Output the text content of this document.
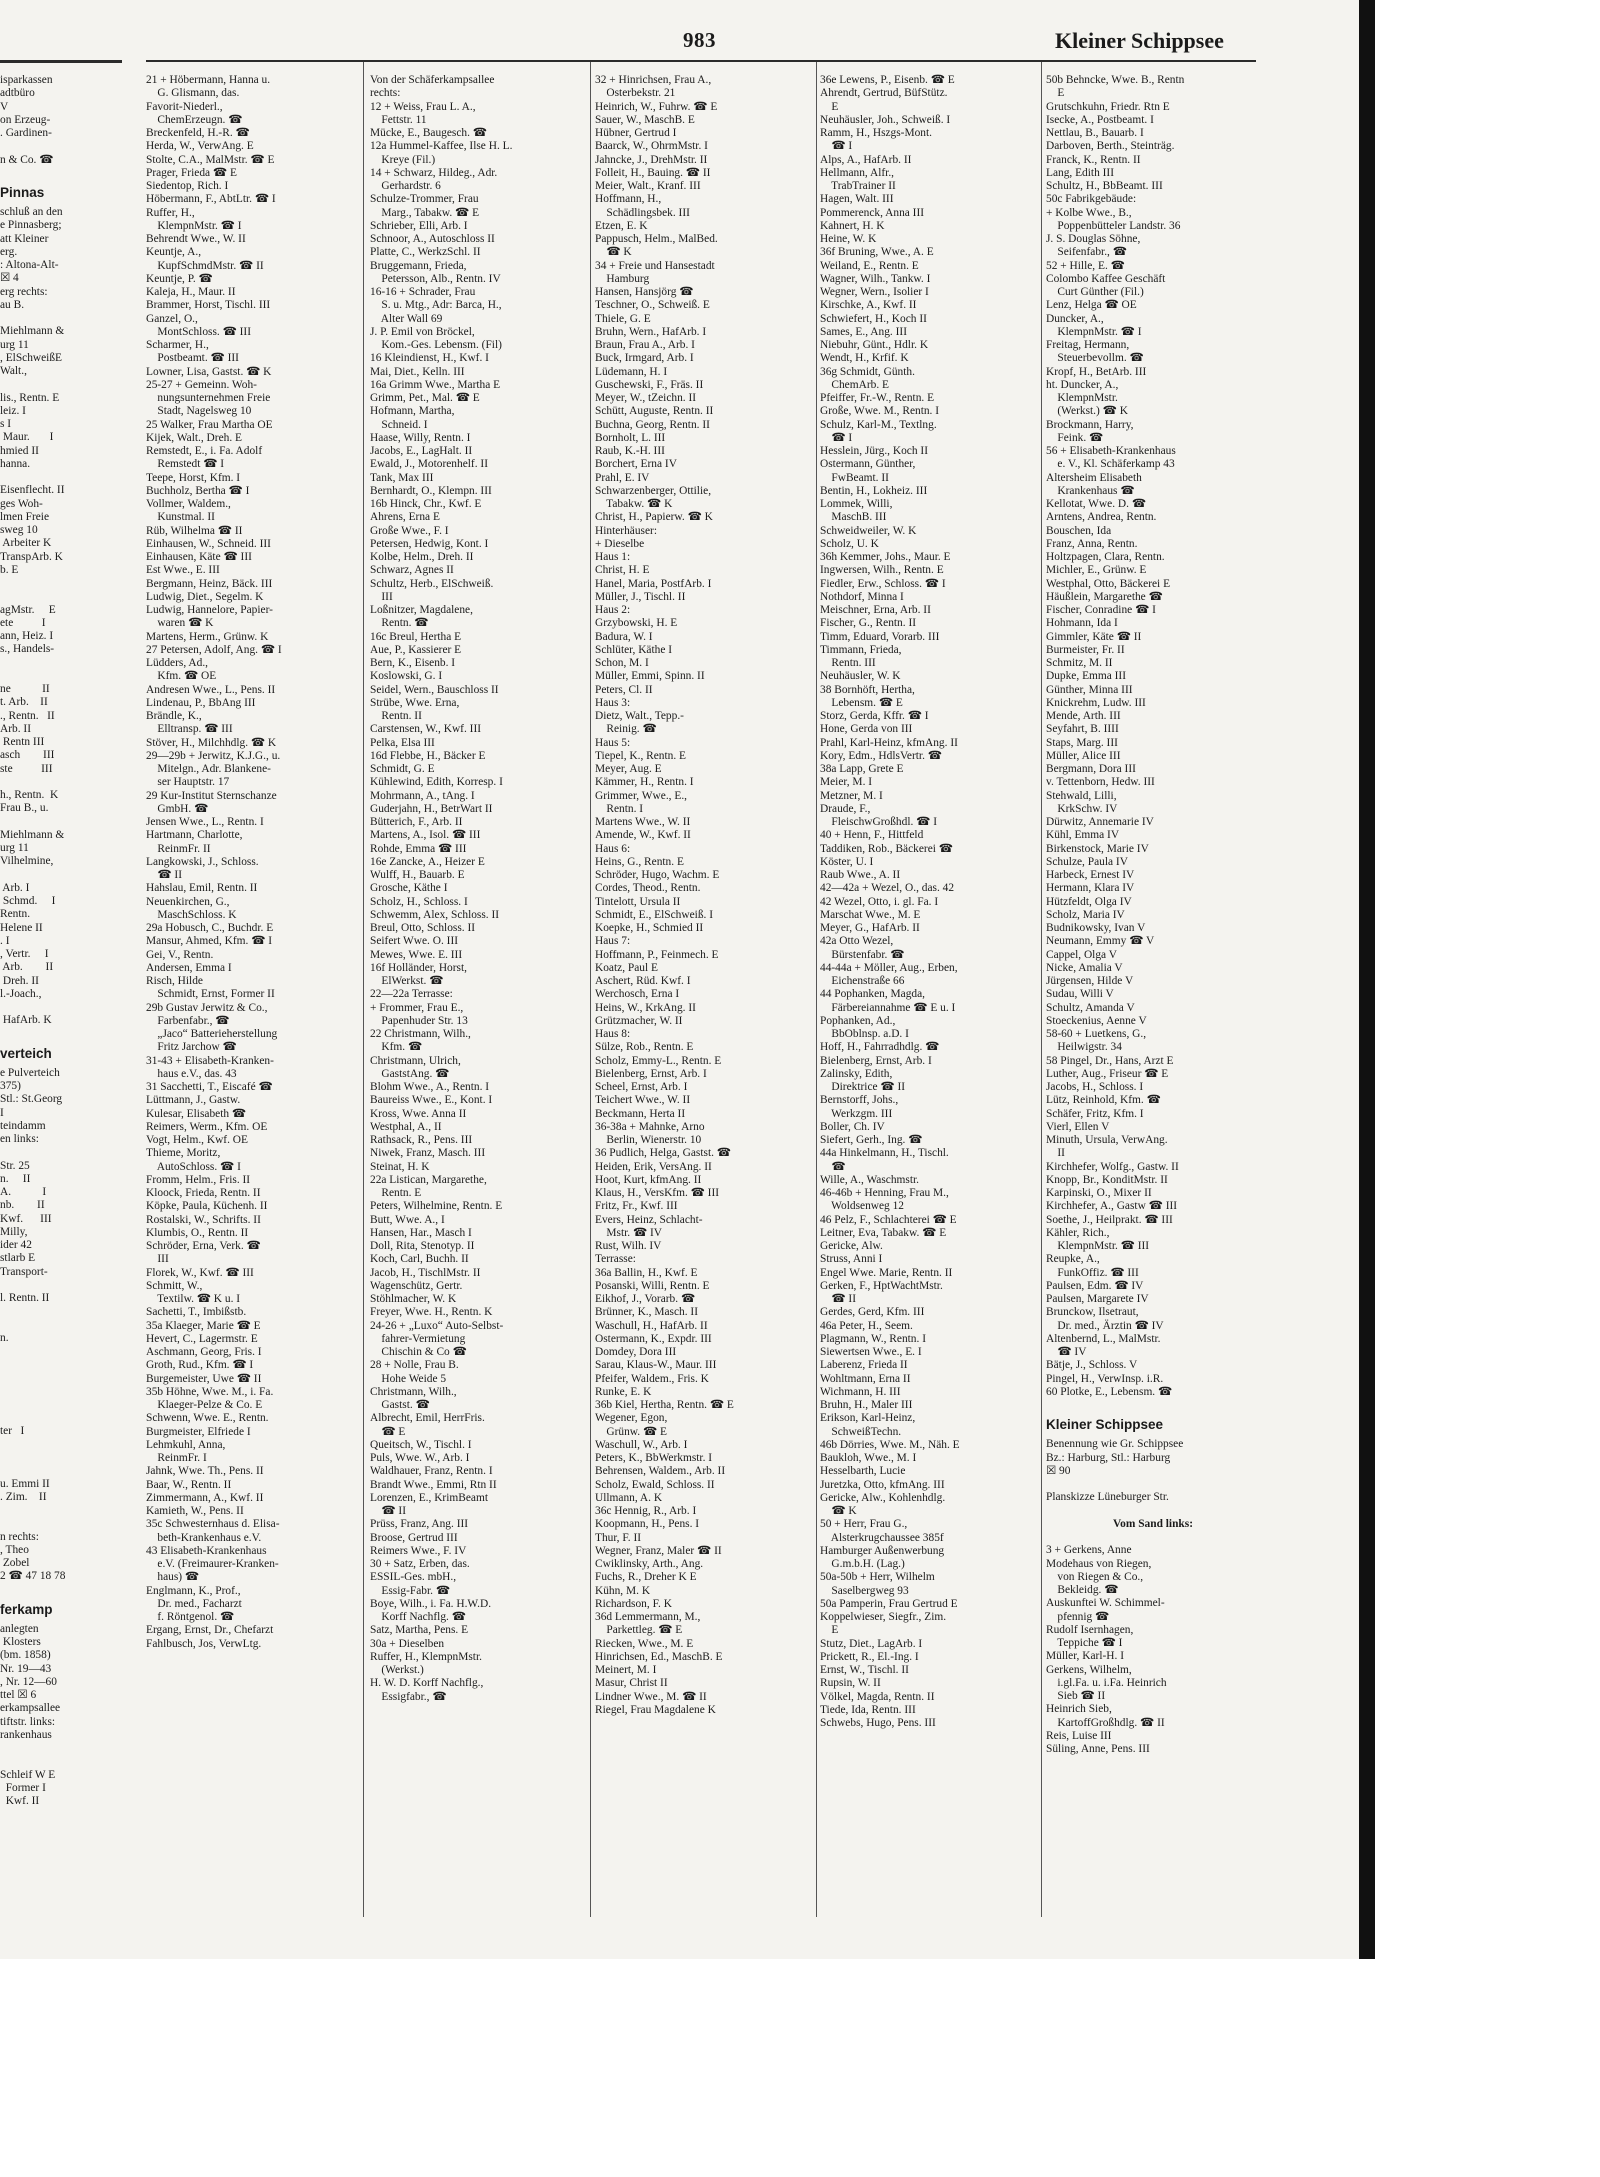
983	Kleiner Schippsee
isparkassen
adtbüro
V
on Erzeug-
. Gardinen-
n & Co. ☎
Pinnas
schluß an den
e Pinnasberg;
att Kleiner
erg.
: Altona-Alt-
☒ 4
erg rechts:
au B.
Miehlmann &
urg 11
, ElSchweißE
Walt.,
lis., Rentn. E
leiz. I
s I
Maur.       I
hmied II
hanna.
Eisenflecht. II
ges Woh-
lmen Freie
sweg 10
Arbeiter K
TranspArb. K
b. E
agMstr.     E
ete          I
ann, Heiz. I
s., Handels-
ne           II
t. Arb.    II
., Rentn.   II
Arb. II
Rentn III
asch        III
ste          III
h., Rentn.  K
Frau B., u.
Miehlmann &
urg 11
Vilhelmine,
Arb. I
Schmd.     I
Rentn.
Helene II
. I
, Vertr.     I
Arb.        II
Dreh. II
l.-Joach.,
HafArb. K
verteich
e Pulverteich
375)
Stl.: St.Georg
I
teindamm
en links:
Str. 25
n.     II
A.           I
nb.        II
Kwf.      III
Milly,
ider 42
stlarb E
Transport-
l. Rentn. II
n.
ter   I
u. Emmi II
. Zim.    II
n rechts:
, Theo
Zobel
2 ☎ 47 18 78
ferkamp
anlegten
Klosters
(bm. 1858)
Nr. 19—43
, Nr. 12—60
ttel ☒ 6
erkampsallee
tiftstr. links:
rankenhaus
Schleif W E
Former I
Kwf. II
21 + Höbermann, Hanna u.
G. Glismann, das.
Favorit-Niederl.,
ChemErzeugn. ☎
Breckenfeld, H.-R. ☎
Herda, W., VerwAng. E
Stolte, C.A., MalMstr. ☎ E
Prager, Frieda ☎ E
Siedentop, Rich. I
Höbermann, F., AbtLtr. ☎ I
Ruffer, H.,
KlempnMstr. ☎ I
Behrendt Wwe., W. II
Keuntje, A.,
KupfSchmdMstr. ☎ II
Keuntje, P. ☎
Kaleja, H., Maur. II
Brammer, Horst, Tischl. III
Ganzel, O.,
MontSchloss. ☎ III
Scharmer, H.,
Postbeamt. ☎ III
Lowner, Lisa, Gastst. ☎ K
25-27 + Gemeinn. Woh-
nungsunternehmen Freie
Stadt, Nagelsweg 10
25 Walker, Frau Martha OE
Kijek, Walt., Dreh. E
Remstedt, E., i. Fa. Adolf
Remstedt ☎ I
Teepe, Horst, Kfm. I
Buchholz, Bertha ☎ I
Vollmer, Waldem.,
Kunstmal. II
Rüb, Wilhelma ☎ II
Einhausen, W., Schneid. III
Einhausen, Käte ☎ III
Est Wwe., E. III
Bergmann, Heinz, Bäck. III
Ludwig, Diet., Segelm. K
Ludwig, Hannelore, Papier-
waren ☎ K
Martens, Herm., Grünw. K
27 Petersen, Adolf, Ang. ☎ I
Lüdders, Ad.,
Kfm. ☎ OE
Andresen Wwe., L., Pens. II
Lindenau, P., BbAng III
Brändle, K.,
Elltransp. ☎ III
Stöver, H., Milchhdlg. ☎ K
29—29b + Jerwitz, K.J.G., u.
Mitelgn., Adr. Blankene-
ser Hauptstr. 17
29 Kur-Institut Sternschanze
GmbH. ☎
Jensen Wwe., L., Rentn. I
Hartmann, Charlotte,
ReinmFr. II
Langkowski, J., Schloss.
☎ II
Hahslau, Emil, Rentn. II
Neuenkirchen, G.,
MaschSchloss. K
29a Hobusch, C., Buchdr. E
Mansur, Ahmed, Kfm. ☎ I
Gei, V., Rentn.
Andersen, Emma I
Risch, Hilde
Schmidt, Ernst, Former II
29b Gustav Jerwitz & Co.,
Farbenfabr., ☎
„Jaco“ Batterieherstellung
Fritz Jarchow ☎
31-43 + Elisabeth-Kranken-
haus e.V., das. 43
31 Sacchetti, T., Eiscafé ☎
Lüttmann, J., Gastw.
Kulesar, Elisabeth ☎
Reimers, Werm., Kfm. OE
Vogt, Helm., Kwf. OE
Thieme, Moritz,
AutoSchloss. ☎ I
Fromm, Helm., Fris. II
Kloock, Frieda, Rentn. II
Köpke, Paula, Küchenh. II
Rostalski, W., Schrifts. II
Klumbis, O., Rentn. II
Schröder, Erna, Verk. ☎
III
Florek, W., Kwf. ☎ III
Schmitt, W.,
Textilw. ☎ K u. I
Sachetti, T., Imbißstb.
35a Klaeger, Marie ☎ E
Hevert, C., Lagermstr. E
Aschmann, Georg, Fris. I
Groth, Rud., Kfm. ☎ I
Burgemeister, Uwe ☎ II
35b Höhne, Wwe. M., i. Fa.
Klaeger-Pelze & Co. E
Schwenn, Wwe. E., Rentn.
Burgmeister, Elfriede I
Lehmkuhl, Anna,
ReinmFr. I
Jahnk, Wwe. Th., Pens. II
Baar, W., Rentn. II
Zimmermann, A., Kwf. II
Kamieth, W., Pens. II
35c Schwesternhaus d. Elisa-
beth-Krankenhaus e.V.
43 Elisabeth-Krankenhaus
e.V. (Freimaurer-Kranken-
haus) ☎
Englmann, K., Prof.,
Dr. med., Facharzt
f. Röntgenol. ☎
Ergang, Ernst, Dr., Chefarzt
Fahlbusch, Jos, VerwLtg.
Von der Schäferkampsallee
rechts:
12 + Weiss, Frau L. A.,
Fettstr. 11
Mücke, E., Baugesch. ☎
12a Hummel-Kaffee, Ilse H. L.
Kreye (Fil.)
14 + Schwarz, Hildeg., Adr.
Gerhardstr. 6
Schulze-Trommer, Frau
Marg., Tabakw. ☎ E
Schrieber, Elli, Arb. I
Schnoor, A., Autoschloss II
Platte, C., WerkzSchl. II
Bruggemann, Frieda,
Petersson, Alb., Rentn. IV
16-16 + Schrader, Frau
S. u. Mtg., Adr: Barca, H.,
Alter Wall 69
J. P. Emil von Bröckel,
Kom.-Ges. Lebensm. (Fil)
16 Kleindienst, H., Kwf. I
Mai, Diet., Kelln. III
16a Grimm Wwe., Martha E
Grimm, Pet., Mal. ☎ E
Hofmann, Martha,
Schneid. I
Haase, Willy, Rentn. I
Jacobs, E., LagHalt. II
Ewald, J., Motorenhelf. II
Tank, Max III
Bernhardt, O., Klempn. III
16b Hinck, Chr., Kwf. E
Ahrens, Erna E
Große Wwe., F. I
Petersen, Hedwig, Kont. I
Kolbe, Helm., Dreh. II
Schwarz, Agnes II
Schultz, Herb., ElSchweiß.
III
Loßnitzer, Magdalene,
Rentn. ☎
16c Breul, Hertha E
Aue, P., Kassierer E
Bern, K., Eisenb. I
Koslowski, G. I
Seidel, Wern., Bauschloss II
Strübe, Wwe. Erna,
Rentn. II
Carstensen, W., Kwf. III
Pelka, Elsa III
16d Flebbe, H., Bäcker E
Schmidt, G. E
Kühlewind, Edith, Korresp. I
Mohrmann, A., tAng. I
Guderjahn, H., BetrWart II
Bütterich, F., Arb. II
Martens, A., Isol. ☎ III
Rohde, Emma ☎ III
16e Zancke, A., Heizer E
Wulff, H., Bauarb. E
Grosche, Käthe I
Scholz, H., Schloss. I
Schwemm, Alex, Schloss. II
Breul, Otto, Schloss. II
Seifert Wwe. O. III
Mewes, Wwe. E. III
16f Holländer, Horst,
ElWerkst. ☎
22—22a Terrasse:
+ Frommer, Frau E.,
Papenhuder Str. 13
22 Christmann, Wilh.,
Kfm. ☎
Christmann, Ulrich,
GaststAng. ☎
Blohm Wwe., A., Rentn. I
Baureiss Wwe., E., Kont. I
Kross, Wwe. Anna II
Westphal, A., II
Rathsack, R., Pens. III
Niwek, Franz, Masch. III
Steinat, H. K
22a Listican, Margarethe,
Rentn. E
Peters, Wilhelmine, Rentn. E
Butt, Wwe. A., I
Hansen, Har., Masch I
Doll, Rita, Stenotyp. II
Koch, Carl, Buchh. II
Jacob, H., TischlMstr. II
Wagenschütz, Gertr.
Stöhlmacher, W. K
Freyer, Wwe. H., Rentn. K
24-26 + „Luxo“ Auto-Selbst-
fahrer-Vermietung
Chischin & Co ☎
28 + Nolle, Frau B.
Hohe Weide 5
Christmann, Wilh.,
Gastst. ☎
Albrecht, Emil, HerrFris.
☎ E
Queitsch, W., Tischl. I
Puls, Wwe. W., Arb. I
Waldhauer, Franz, Rentn. I
Brandt Wwe., Emmi, Rtn II
Lorenzen, E., KrimBeamt
☎ II
Prüss, Franz, Ang. III
Broose, Gertrud III
Reimers Wwe., F. IV
30 + Satz, Erben, das.
ESSIL-Ges. mbH.,
Essig-Fabr. ☎
Boye, Wilh., i. Fa. H.W.D.
Korff Nachflg. ☎
Satz, Martha, Pens. E
30a + Dieselben
Ruffer, H., KlempnMstr.
(Werkst.)
H. W. D. Korff Nachflg.,
Essigfabr., ☎
32 + Hinrichsen, Frau A.,
Osterbekstr. 21
Heinrich, W., Fuhrw. ☎ E
Sauer, W., MaschB. E
Hübner, Gertrud I
Baarck, W., OhrmMstr. I
Jahncke, J., DrehMstr. II
Folleit, H., Bauing. ☎ II
Meier, Walt., Kranf. III
Hoffmann, H.,
Schädlingsbek. III
Etzen, E. K
Pappusch, Helm., MalBed.
☎ K
34 + Freie und Hansestadt
Hamburg
Hansen, Hansjörg ☎
Teschner, O., Schweiß. E
Thiele, G. E
Bruhn, Wern., HafArb. I
Braun, Frau A., Arb. I
Buck, Irmgard, Arb. I
Lüdemann, H. I
Guschewski, F., Fräs. II
Meyer, W., tZeichn. II
Schütt, Auguste, Rentn. II
Buchna, Georg, Rentn. II
Bornholt, L. III
Raub, K.-H. III
Borchert, Erna IV
Prahl, E. IV
Schwarzenberger, Ottilie,
Tabakw. ☎ K
Christ, H., Papierw. ☎ K
Hinterhäuser:
+ Dieselbe
Haus 1:
Christ, H. E
Hanel, Maria, PostfArb. I
Müller, J., Tischl. II
Haus 2:
Grzybowski, H. E
Badura, W. I
Schlüter, Käthe I
Schon, M. I
Müller, Emmi, Spinn. II
Peters, Cl. II
Haus 3:
Dietz, Walt., Tepp.-
Reinig. ☎
Haus 5:
Tiepel, K., Rentn. E
Meyer, Aug. E
Kämmer, H., Rentn. I
Grimmer, Wwe., E.,
Rentn. I
Martens Wwe., W. II
Amende, W., Kwf. II
Haus 6:
Heins, G., Rentn. E
Schröder, Hugo, Wachm. E
Cordes, Theod., Rentn.
Tintelott, Ursula II
Schmidt, E., ElSchweiß. I
Koepke, H., Schmied II
Haus 7:
Hoffmann, P., Feinmech. E
Koatz, Paul E
Aschert, Rüd. Kwf. I
Werchosch, Erna I
Heins, W., KrkAng. II
Grützmacher, W. II
Haus 8:
Sülze, Rob., Rentn. E
Scholz, Emmy-L., Rentn. E
Bielenberg, Ernst, Arb. I
Scheel, Ernst, Arb. I
Teichert Wwe., W. II
Beckmann, Herta II
36-38a + Mahnke, Arno
Berlin, Wienerstr. 10
36 Pudlich, Helga, Gastst. ☎
Heiden, Erik, VersAng. II
Hoot, Kurt, kfmAng. II
Klaus, H., VersKfm. ☎ III
Fritz, Fr., Kwf. III
Evers, Heinz, Schlacht-
Mstr. ☎ IV
Rust, Wilh. IV
Terrasse:
36a Ballin, H., Kwf. E
Posanski, Willi, Rentn. E
Eikhof, J., Vorarb. ☎
Brünner, K., Masch. II
Waschull, H., HafArb. II
Ostermann, K., Expdr. III
Domdey, Dora III
Sarau, Klaus-W., Maur. III
Pfeifer, Waldem., Fris. K
Runke, E. K
36b Kiel, Hertha, Rentn. ☎ E
Wegener, Egon,
Grünw. ☎ E
Waschull, W., Arb. I
Peters, K., BbWerkmstr. I
Behrensen, Waldem., Arb. II
Scholz, Ewald, Schloss. II
Ullmann, A. K
36c Hennig, R., Arb. I
Koopmann, H., Pens. I
Thur, F. II
Wegner, Franz, Maler ☎ II
Cwiklinsky, Arth., Ang.
Fuchs, R., Dreher K E
Kühn, M. K
Richardson, F. K
36d Lemmermann, M.,
Parkettleg. ☎ E
Riecken, Wwe., M. E
Hinrichsen, Ed., MaschB. E
Meinert, M. I
Masur, Christ II
Lindner Wwe., M. ☎ II
Riegel, Frau Magdalene K
36e Lewens, P., Eisenb. ☎ E
Ahrendt, Gertrud, BüfStütz.
E
Neuhäusler, Joh., Schweiß. I
Ramm, H., Hszgs-Mont.
☎ I
Alps, A., HafArb. II
Hellmann, Alfr.,
TrabTrainer II
Hagen, Walt. III
Pommerenck, Anna III
Kahnert, H. K
Heine, W. K
36f Bruning, Wwe., A. E
Weiland, E., Rentn. E
Wagner, Wilh., Tankw. I
Wegner, Wern., Isolier I
Kirschke, A., Kwf. II
Schwiefert, H., Koch II
Sames, E., Ang. III
Niebuhr, Günt., Hdlr. K
Wendt, H., Krfif. K
36g Schmidt, Günth.
ChemArb. E
Pfeiffer, Fr.-W., Rentn. E
Große, Wwe. M., Rentn. I
Schulz, Karl-M., Textlng.
☎ I
Hesslein, Jürg., Koch II
Ostermann, Günther,
FwBeamt. II
Bentin, H., Lokheiz. III
Lommek, Willi,
MaschB. III
Schweidweiler, W. K
Scholz, U. K
36h Kemmer, Johs., Maur. E
Ingwersen, Wilh., Rentn. E
Fiedler, Erw., Schloss. ☎ I
Nothdorf, Minna I
Meischner, Erna, Arb. II
Fischer, G., Rentn. II
Timm, Eduard, Vorarb. III
Timmann, Frieda,
Rentn. III
Neuhäusler, W. K
38 Bornhöft, Hertha,
Lebensm. ☎ E
Storz, Gerda, Kffr. ☎ I
Hone, Gerda von III
Prahl, Karl-Heinz, kfmAng. II
Kory, Edm., HdlsVertr. ☎
38a Lapp, Grete E
Meier, M. I
Metzner, M. I
Draude, F.,
FleischwGroßhdl. ☎ I
40 + Henn, F., Hittfeld
Taddiken, Rob., Bäckerei ☎
Köster, U. I
Raub Wwe., A. II
42—42a + Wezel, O., das. 42
42 Wezel, Otto, i. gl. Fa. I
Marschat Wwe., M. E
Meyer, G., HafArb. II
42a Otto Wezel,
Bürstenfabr. ☎
44-44a + Möller, Aug., Erben,
Eichenstraße 66
44 Pophanken, Magda,
Färbereiannahme ☎ E u. I
Pophanken, Ad.,
BbOblnsp. a.D. I
Hoff, H., Fahrradhdlg. ☎
Bielenberg, Ernst, Arb. I
Zalinsky, Edith,
Direktrice ☎ II
Bernstorff, Johs.,
Werkzgm. III
Boller, Ch. IV
Siefert, Gerh., Ing. ☎
44a Hinkelmann, H., Tischl.
☎
Wille, A., Waschmstr.
46-46b + Henning, Frau M.,
Woldsenweg 12
46 Pelz, F., Schlachterei ☎ E
Leitner, Eva, Tabakw. ☎ E
Gericke, Alw.
Struss, Anni I
Engel Wwe. Marie, Rentn. II
Gerken, F., HptWachtMstr.
☎ II
Gerdes, Gerd, Kfm. III
46a Peter, H., Seem.
Plagmann, W., Rentn. I
Siewertsen Wwe., E. I
Laberenz, Frieda II
Wohltmann, Erna II
Wichmann, H. III
Bruhn, H., Maler III
Erikson, Karl-Heinz,
SchweißTechn.
46b Dörries, Wwe. M., Näh. E
Baukloh, Wwe., M. I
Hesselbarth, Lucie
Juretzka, Otto, kfmAng. III
Gericke, Alw., Kohlenhdlg.
☎ K
50 + Herr, Frau G.,
Alsterkrugchaussee 385f
Hamburger Außenwerbung
G.m.b.H. (Lag.)
50a-50b + Herr, Wilhelm
Saselbergweg 93
50a Pamperin, Frau Gertrud E
Koppelwieser, Siegfr., Zim.
E
Stutz, Diet., LagArb. I
Prickett, R., El.-Ing. I
Ernst, W., Tischl. II
Rupsin, W. II
Völkel, Magda, Rentn. II
Tiede, Ida, Rentn. III
Schwebs, Hugo, Pens. III
50b Behncke, Wwe. B., Rentn
E
Grutschkuhn, Friedr. Rtn E
Isecke, A., Postbeamt. I
Nettlau, B., Bauarb. I
Darboven, Berth., Steinträg.
Franck, K., Rentn. II
Lang, Edith III
Schultz, H., BbBeamt. III
50c Fabrikgebäude:
+ Kolbe Wwe., B.,
Poppenbütteler Landstr. 36
J. S. Douglas Söhne,
Seifenfabr., ☎
52 + Hille, E. ☎
Colombo Kaffee Geschäft
Curt Günther (Fil.)
Lenz, Helga ☎ OE
Duncker, A.,
KlempnMstr. ☎ I
Freitag, Hermann,
Steuerbevollm. ☎
Kropf, H., BetArb. III
ht. Duncker, A.,
KlempnMstr.
(Werkst.) ☎ K
Brockmann, Harry,
Feink. ☎
56 + Elisabeth-Krankenhaus
e. V., Kl. Schäferkamp 43
Altersheim Elisabeth
Krankenhaus ☎
Kellotat, Wwe. D. ☎
Arntens, Andrea, Rentn.
Bouschen, Ida
Franz, Anna, Rentn.
Holtzpagen, Clara, Rentn.
Michler, E., Grünw. E
Westphal, Otto, Bäckerei E
Häußlein, Margarethe ☎
Fischer, Conradine ☎ I
Hohmann, Ida I
Gimmler, Käte ☎ II
Burmeister, Fr. II
Schmitz, M. II
Dupke, Emma III
Günther, Minna III
Knickrehm, Ludw. III
Mende, Arth. III
Seyfahrt, B. IIII
Staps, Marg. III
Müller, Alice III
Bergmann, Dora III
v. Tettenborn, Hedw. III
Stehwald, Lilli,
KrkSchw. IV
Dürwitz, Annemarie IV
Kühl, Emma IV
Birkenstock, Marie IV
Schulze, Paula IV
Harbeck, Ernest IV
Hermann, Klara IV
Hützfeldt, Olga IV
Scholz, Maria IV
Budnikowsky, Ivan V
Neumann, Emmy ☎ V
Cappel, Olga V
Nicke, Amalia V
Jürgensen, Hilde V
Sudau, Willi V
Schultz, Amanda V
Stoeckenius, Aenne V
58-60 + Luetkens, G.,
Heilwigstr. 34
58 Pingel, Dr., Hans, Arzt E
Luther, Aug., Friseur ☎ E
Jacobs, H., Schloss. I
Lütz, Reinhold, Kfm. ☎
Schäfer, Fritz, Kfm. I
Vierl, Ellen V
Minuth, Ursula, VerwAng.
II
Kirchhefer, Wolfg., Gastw. II
Knopp, Br., KonditMstr. II
Karpinski, O., Mixer II
Kirchhefer, A., Gastw ☎ III
Soethe, J., Heilprakt. ☎ III
Kähler, Rich.,
KlempnMstr. ☎ III
Reupke, A.,
FunkOffiz. ☎ III
Paulsen, Edm. ☎ IV
Paulsen, Margarete IV
Brunckow, Ilsetraut,
Dr. med., Ärztin ☎ IV
Altenbernd, L., MalMstr.
☎ IV
Bätje, J., Schloss. V
Pingel, H., VerwInsp. i.R.
60 Plotke, E., Lebensm. ☎
Kleiner Schippsee
Benennung wie Gr. Schippsee
Bz.: Harburg, Stl.: Harburg
☒ 90
Planskizze Lüneburger Str.
Vom Sand links:
3 + Gerkens, Anne
Modehaus von Riegen,
von Riegen & Co.,
Bekleidg. ☎
Auskunftei W. Schimmel-
pfennig ☎
Rudolf Isernhagen,
Teppiche ☎ I
Müller, Karl-H. I
Gerkens, Wilhelm,
i.gl.Fa. u. i.Fa. Heinrich
Sieb ☎ II
Heinrich Sieb,
KartoffGroßhdlg. ☎ II
Reis, Luise III
Süling, Anne, Pens. III
